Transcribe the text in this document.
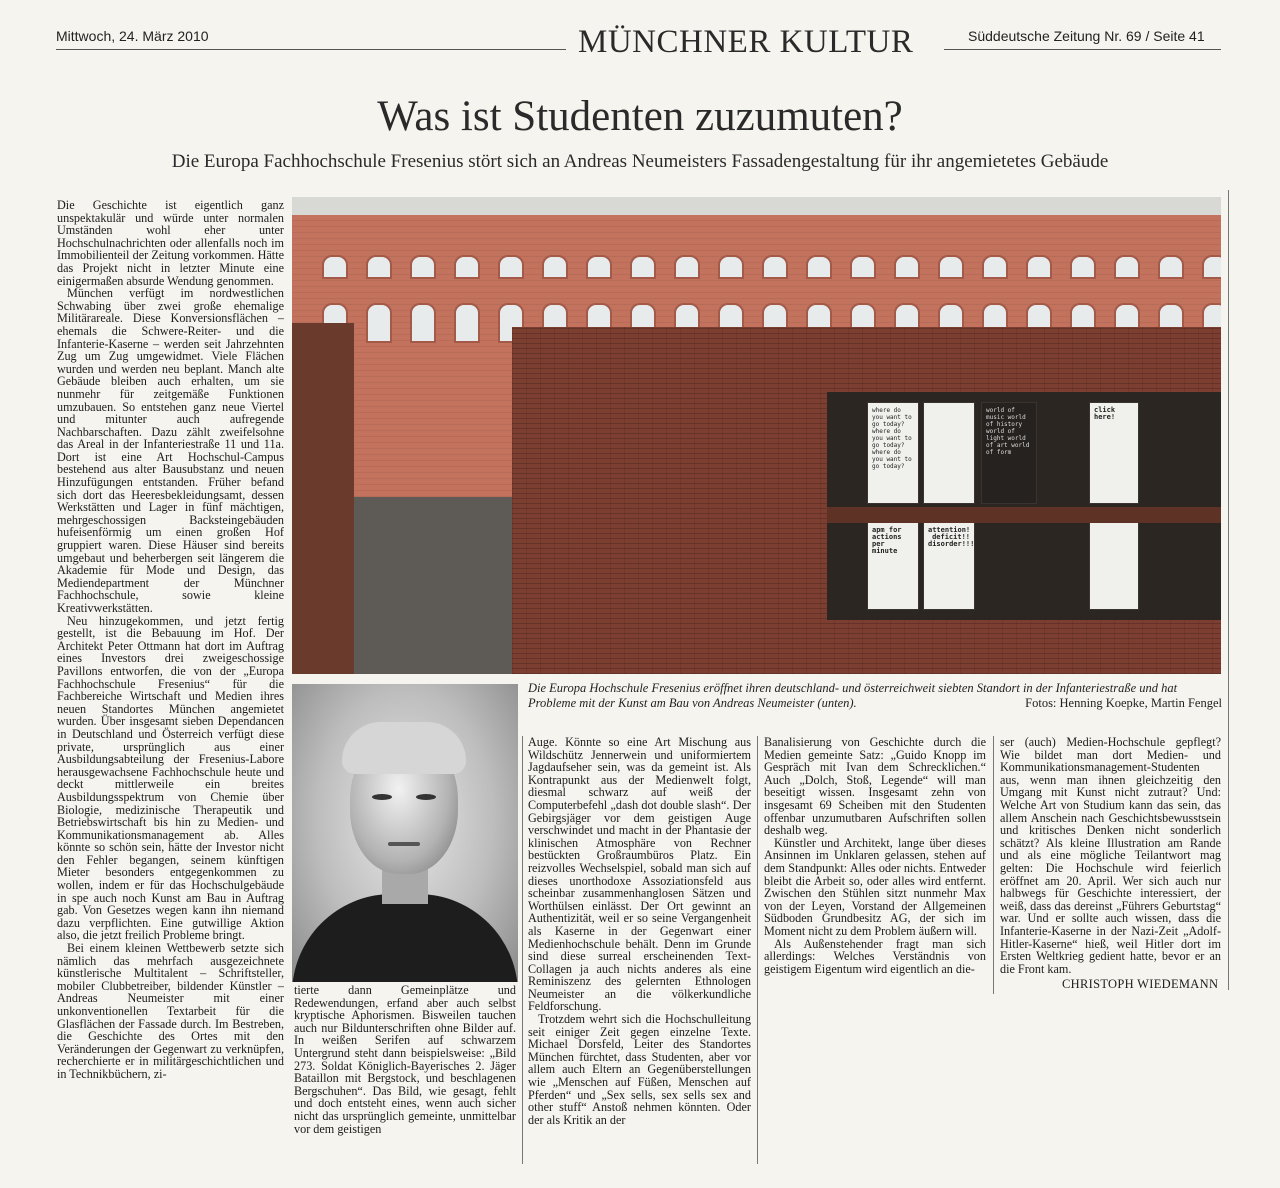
Mittwoch, 24. März 2010	MÜNCHNER KULTUR	Süddeutsche Zeitung Nr. 69 / Seite 41
Was ist Studenten zuzumuten?
Die Europa Fachhochschule Fresenius stört sich an Andreas Neumeisters Fassadengestaltung für ihr angemietetes Gebäude

Die Geschichte ist eigentlich ganz unspektakulär und würde unter normalen Umständen wohl eher unter Hochschulnachrichten oder allenfalls noch im Immobilienteil der Zeitung vorkommen. Hätte das Projekt nicht in letzter Minute eine einigermaßen absurde Wendung genommen.

München verfügt im nordwestlichen Schwabing über zwei große ehemalige Militärareale. Diese Konversionsflächen – ehemals die Schwere-Reiter- und die Infanterie-Kaserne – werden seit Jahrzehnten Zug um Zug umgewidmet. Viele Flächen wurden und werden neu beplant. Manch alte Gebäude bleiben auch erhalten, um sie nunmehr für zeitgemäße Funktionen umzubauen. So entstehen ganz neue Viertel und mitunter auch aufregende Nachbarschaften. Dazu zählt zweifelsohne das Areal in der Infanteriestraße 11 und 11a. Dort ist eine Art Hochschul-Campus bestehend aus alter Bausubstanz und neuen Hinzufügungen entstanden. Früher befand sich dort das Heeresbekleidungsamt, dessen Werkstätten und Lager in fünf mächtigen, mehrgeschossigen Backsteingebäuden hufeisenförmig um einen großen Hof gruppiert waren. Diese Häuser sind bereits umgebaut und beherbergen seit längerem die Akademie für Mode und Design, das Mediendepartment der Münchner Fachhochschule, sowie kleine Kreativwerkstätten.

Neu hinzugekommen, und jetzt fertig gestellt, ist die Bebauung im Hof. Der Architekt Peter Ottmann hat dort im Auftrag eines Investors drei zweigeschossige Pavillons entworfen, die von der „Europa Fachhochschule Fresenius“ für die Fachbereiche Wirtschaft und Medien ihres neuen Standortes München angemietet wurden. Über insgesamt sieben Dependancen in Deutschland und Österreich verfügt diese private, ursprünglich aus einer Ausbildungsabteilung der Fresenius-Labore herausgewachsene Fachhochschule heute und deckt mittlerweile ein breites Ausbildungsspektrum von Chemie über Biologie, medizinische Therapeutik und Betriebswirtschaft bis hin zu Medien- und Kommunikationsmanagement ab. Alles könnte so schön sein, hätte der Investor nicht den Fehler begangen, seinem künftigen Mieter besonders entgegenkommen zu wollen, indem er für das Hochschulgebäude in spe auch noch Kunst am Bau in Auftrag gab. Von Gesetzes wegen kann ihn niemand dazu verpflichten. Eine gutwillige Aktion also, die jetzt freilich Probleme bringt.

Bei einem kleinen Wettbewerb setzte sich nämlich das mehrfach ausgezeichnete künstlerische Multitalent – Schriftsteller, mobiler Clubbetreiber, bildender Künstler – Andreas Neumeister mit einer unkonventionellen Textarbeit für die Glasflächen der Fassade durch. Im Bestreben, die Geschichte des Ortes mit den Veränderungen der Gegenwart zu verknüpfen, recherchierte er in militärgeschichtlichen und in Technikbüchern, zi-

where do you want to go today? where do you want to go today? where do you want to go today?
world of music world of history world of light world of art world of form
click here!
apm for actions per minute
attention! deficit!! disorder!!!
Die Europa Hochschule Fresenius eröffnet ihren deutschland- und österreichweit siebten Standort in der Infanteriestraße und hat Probleme mit der Kunst am Bau von Andreas Neumeister (unten).	Fotos: Henning Koepke, Martin Fengel

tierte dann Gemeinplätze und Redewendungen, erfand aber auch selbst kryptische Aphorismen. Bisweilen tauchen auch nur Bildunterschriften ohne Bilder auf. In weißen Serifen auf schwarzem Untergrund steht dann beispielsweise: „Bild 273. Soldat Königlich-Bayerisches 2. Jäger Bataillon mit Bergstock, und beschlagenen Bergschuhen“. Das Bild, wie gesagt, fehlt und doch entsteht eines, wenn auch sicher nicht das ursprünglich gemeinte, unmittelbar vor dem geistigen

Auge. Könnte so eine Art Mischung aus Wildschütz Jennerwein und uniformiertem Jagdaufseher sein, was da gemeint ist. Als Kontrapunkt aus der Medienwelt folgt, diesmal schwarz auf weiß der Computerbefehl „dash dot double slash“. Der Gebirgsjäger vor dem geistigen Auge verschwindet und macht in der Phantasie der klinischen Atmosphäre von Rechner bestückten Großraumbüros Platz. Ein reizvolles Wechselspiel, sobald man sich auf dieses unorthodoxe Assoziationsfeld aus scheinbar zusammenhanglosen Sätzen und Worthülsen einlässt. Der Ort gewinnt an Authentizität, weil er so seine Vergangenheit als Kaserne in der Gegenwart einer Medienhochschule behält. Denn im Grunde sind diese surreal erscheinenden Text-Collagen ja auch nichts anderes als eine Reminiszenz des gelernten Ethnologen Neumeister an die völkerkundliche Feldforschung.

Trotzdem wehrt sich die Hochschulleitung seit einiger Zeit gegen einzelne Texte. Michael Dorsfeld, Leiter des Standortes München fürchtet, dass Studenten, aber vor allem auch Eltern an Gegenüberstellungen wie „Menschen auf Füßen, Menschen auf Pferden“ und „Sex sells, sex sells sex and other stuff“ Anstoß nehmen könnten. Oder der als Kritik an der

Banalisierung von Geschichte durch die Medien gemeinte Satz: „Guido Knopp im Gespräch mit Ivan dem Schrecklichen.“ Auch „Dolch, Stoß, Legende“ will man beseitigt wissen. Insgesamt zehn von insgesamt 69 Scheiben mit den Studenten offenbar unzumutbaren Aufschriften sollen deshalb weg.

Künstler und Architekt, lange über dieses Ansinnen im Unklaren gelassen, stehen auf dem Standpunkt: Alles oder nichts. Entweder bleibt die Arbeit so, oder alles wird entfernt. Zwischen den Stühlen sitzt nunmehr Max von der Leyen, Vorstand der Allgemeinen Südboden Grundbesitz AG, der sich im Moment nicht zu dem Problem äußern will.

Als Außenstehender fragt man sich allerdings: Welches Verständnis von geistigem Eigentum wird eigentlich an die-

ser (auch) Medien-Hochschule gepflegt? Wie bildet man dort Medien- und Kommunikationsmanagement-Studenten aus, wenn man ihnen gleichzeitig den Umgang mit Kunst nicht zutraut? Und: Welche Art von Studium kann das sein, das allem Anschein nach Geschichtsbewusstsein und kritisches Denken nicht sonderlich schätzt? Als kleine Illustration am Rande und als eine mögliche Teilantwort mag gelten: Die Hochschule wird feierlich eröffnet am 20. April. Wer sich auch nur halbwegs für Geschichte interessiert, der weiß, dass das dereinst „Führers Geburtstag“ war. Und er sollte auch wissen, dass die Infanterie-Kaserne in der Nazi-Zeit „Adolf-Hitler-Kaserne“ hieß, weil Hitler dort im Ersten Weltkrieg gedient hatte, bevor er an die Front kam.

CHRISTOPH WIEDEMANN
